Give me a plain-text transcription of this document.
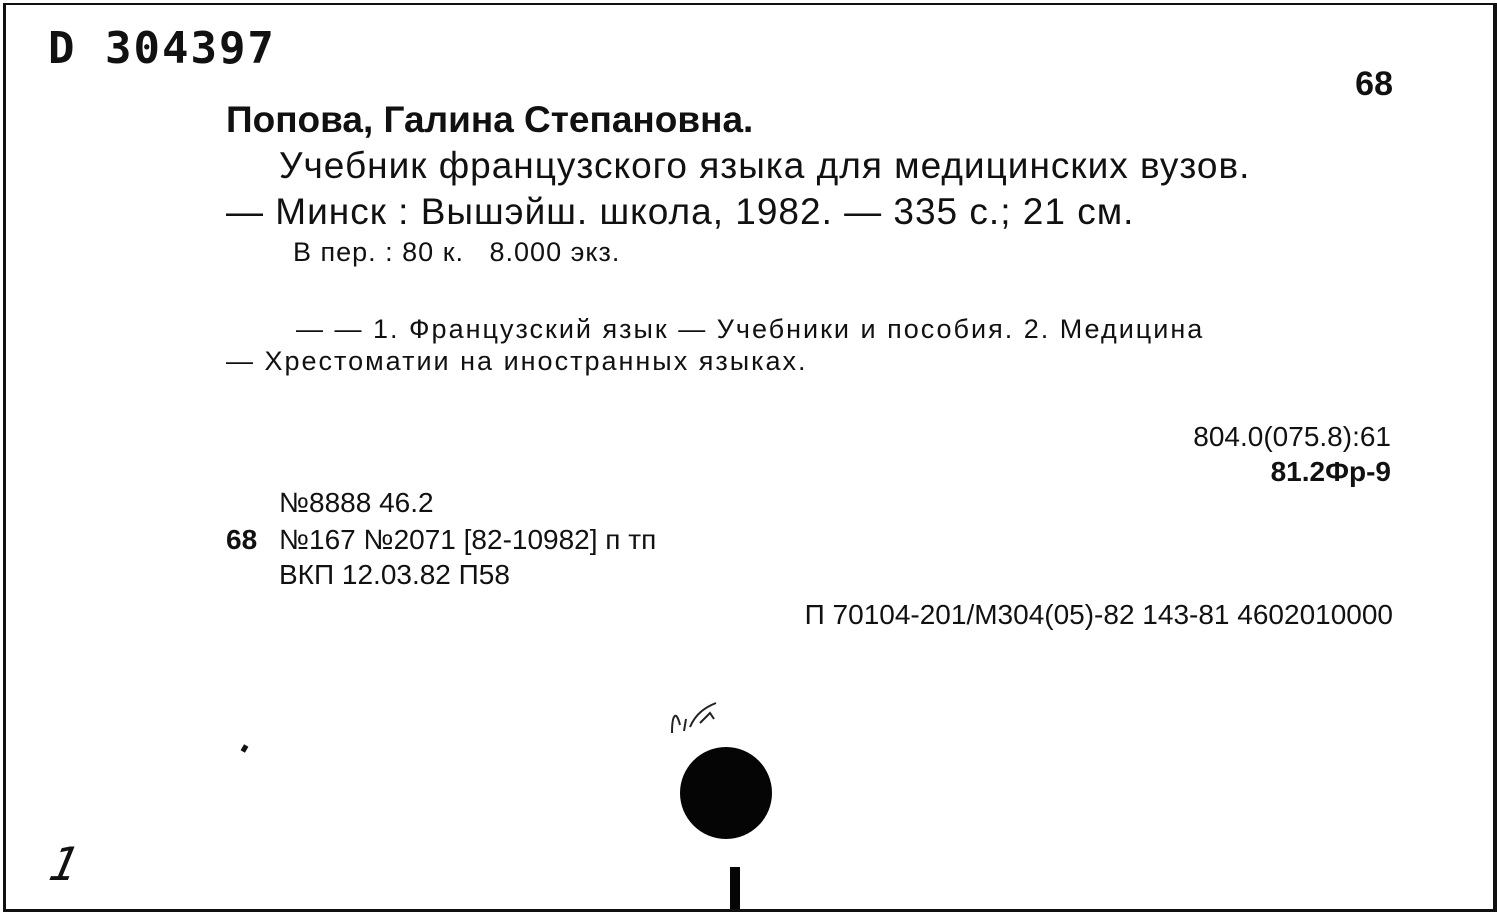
D 304397
68
Попова, Галина Степановна.
Учебник французского языка для медицинских вузов.
— Минск : Вышэйш. школа, 1982. — 335 с.; 21 см.
В пер. : 80 к.   8.000 экз.
— — 1. Французский язык — Учебники и пособия. 2. Медицина
— Хрестоматии на иностранных языках.
804.0(075.8):61
81.2Фр-9
№8888 46.2
68 №167 №2071 [82-10982] п тп
ВКП 12.03.82 П58
П 70104-201/М304(05)-82 143-81 4602010000
1
